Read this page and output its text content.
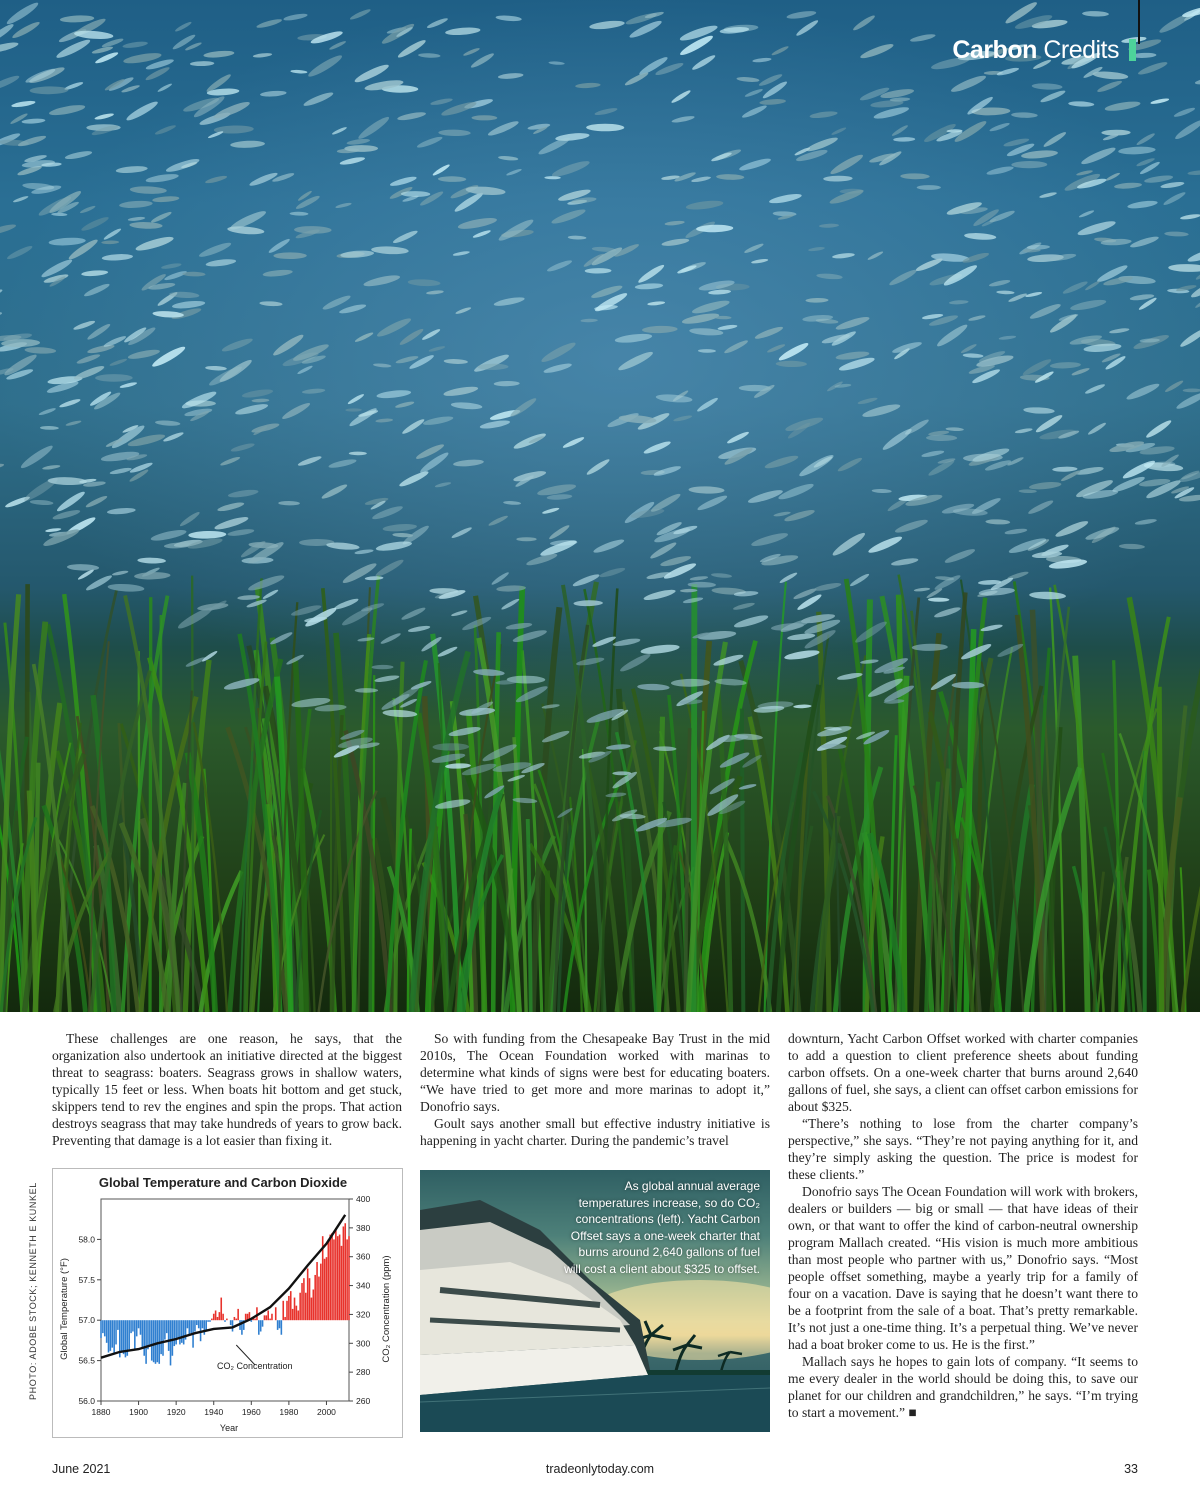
Carbon Credits

These challenges are one reason, he says, that the organization also undertook an initiative directed at the biggest threat to seagrass: boaters. Seagrass grows in shallow waters, typically 15 feet or less. When boats hit bottom and get stuck, skippers tend to rev the engines and spin the props. That action destroys seagrass that may take hundreds of years to grow back. Preventing that damage is a lot easier than fixing it.

So with funding from the Chesapeake Bay Trust in the mid 2010s, The Ocean Foundation worked with marinas to determine what kinds of signs were best for educating boaters. “We have tried to get more and more marinas to adopt it,” Donofrio says.

Goult says another small but effective industry initiative is happening in yacht charter. During the pandemic’s travel

downturn, Yacht Carbon Offset worked with charter companies to add a question to client preference sheets about funding carbon offsets. On a one-week charter that burns around 2,640 gallons of fuel, she says, a client can offset carbon emissions for about $325.

“There’s nothing to lose from the charter company’s perspective,” she says. “They’re not paying anything for it, and they’re simply asking the question. The price is modest for these clients.”

Donofrio says The Ocean Foundation will work with brokers, dealers or builders — big or small — that have ideas of their own, or that want to offer the kind of carbon-neutral ownership program Mallach created. “His vision is much more ambitious than most people who partner with us,” Donofrio says. “Most people offset something, maybe a yearly trip for a family of four on a vacation. Dave is saying that he doesn’t want there to be a footprint from the sale of a boat. That’s pretty remarkable. It’s not just a one-time thing. It’s a perpetual thing. We’ve never had a boat broker come to us. He is the first.”

Mallach says he hopes to gain lots of company. “It seems to me every dealer in the world should be doing this, to save our planet for our children and grandchildren,” he says. “I’m trying to start a movement.” ■

Global Temperature and Carbon Dioxide
Year
Global Temperature (°F)	CO₂ Concentration (ppm)
CO₂ Concentration
1880 1900 1920 1940 1960 1980 2000
56.0
56.5
57.0
57.5
58.0
260
280
300
320
340
360
380
400
PHOTO: ADOBE STOCK; KENNETH E KUNKEL	As global annual average temperatures increase, so do CO₂ concentrations (left). Yacht Carbon Offset says a one-week charter that burns around 2,640 gallons of fuel will cost a client about $325 to offset.
June 2021	tradeonlytoday.com	33
